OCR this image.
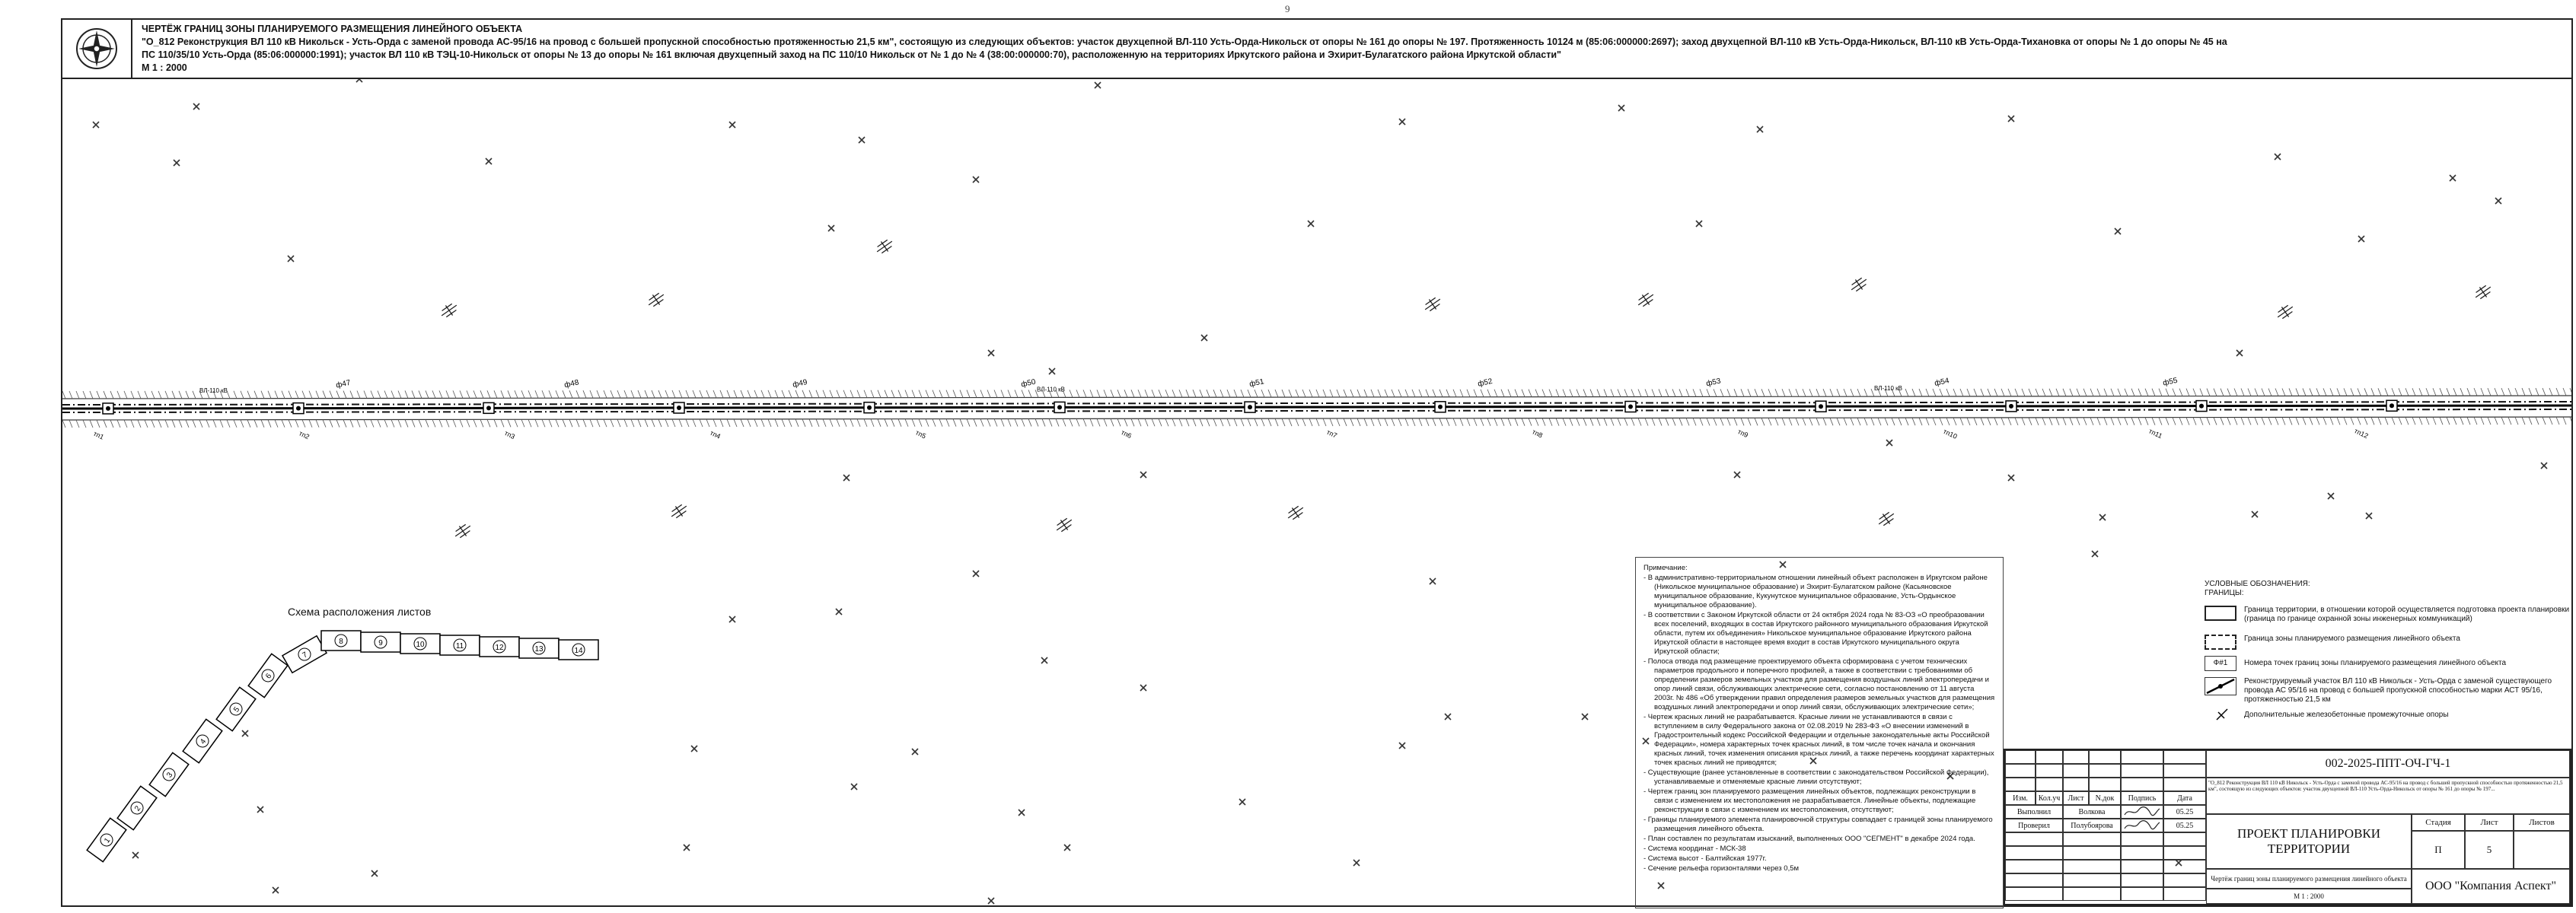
9
ЧЕРТЁЖ ГРАНИЦ ЗОНЫ ПЛАНИРУЕМОГО РАЗМЕЩЕНИЯ ЛИНЕЙНОГО ОБЪЕКТА
"О_812 Реконструкция ВЛ 110 кВ Никольск - Усть-Орда с заменой провода АС-95/16 на провод с большей пропускной способностью протяженностью 21,5 км", состоящую из следующих объектов: участок двухцепной ВЛ-110 Усть-Орда-Никольск от опоры № 161 до опоры № 197. Протяженность 10124 м (85:06:000000:2697); заход двухцепной ВЛ-110 кВ Усть-Орда-Никольск, ВЛ-110 кВ Усть-Орда-Тихановка от опоры № 1 до опоры № 45 на
ПС 110/35/10 Усть-Орда (85:06:000000:1991); участок ВЛ 110 кВ ТЭЦ-10-Никольск от опоры № 13 до опоры № 161 включая двухцепный заход на ПС 110/10 Никольск от № 1 до № 4 (38:00:000000:70), расположенную на территориях Иркутского района и Эхирит-Булагатского района Иркутской области"
М 1 : 2000
ф47	ф48	ф49	ф50	ф51	ф52	ф53	ф54	ф55
тп1	тп2	тп3	тп4	тп5	тп6	тп7	тп8	тп9	тп10	тп11	тп12
ВЛ-110 кВ	ВЛ-110 кВ	ВЛ-110 кВ
1
2
3
4
5
6
7
8	9	10	11	12	13	14
Схема расположения листов

Примечание:

- В административно-территориальном отношении линейный объект расположен в Иркутском районе (Никольское муниципальное образование) и Эхирит-Булагатском районе (Касьяновское муниципальное образование, Кукунутское муниципальное образование, Усть-Ордынское муниципальное образование).

- В соответствии с Законом Иркутской области от 24 октября 2024 года № 83-ОЗ «О преобразовании всех поселений, входящих в состав Иркутского районного муниципального образования Иркутской области, путем их объединения» Никольское муниципальное образование Иркутского района Иркутской области в настоящее время входит в состав Иркутского муниципального округа Иркутской области;

- Полоса отвода под размещение проектируемого объекта сформирована с учетом технических параметров продольного и поперечного профилей, а также в соответствии с требованиями об определении размеров земельных участков для размещения воздушных линий электропередачи и опор линий связи, обслуживающих электрические сети, согласно постановлению от 11 августа 2003г. № 486 «Об утверждении правил определения размеров земельных участков для размещения воздушных линий электропередачи и опор линий связи, обслуживающих электрические сети»;

- Чертеж красных линий не разрабатывается. Красные линии не устанавливаются в связи с вступлением в силу Федерального закона от 02.08.2019 № 283-ФЗ «О внесении изменений в Градостроительный кодекс Российской Федерации и отдельные законодательные акты Российской Федерации», номера характерных точек красных линий, в том числе точек начала и окончания красных линий, точек изменения описания красных линий, а также перечень координат характерных точек красных линий не приводятся;

- Существующие (ранее установленные в соответствии с законодательством Российской Федерации), устанавливаемые и отменяемые красные линии отсутствуют;

- Чертеж границ зон планируемого размещения линейных объектов, подлежащих реконструкции в связи с изменением их местоположения не разрабатывается. Линейные объекты, подлежащие реконструкции в связи с изменением их местоположения, отсутствуют;

- Границы планируемого элемента планировочной структуры совпадает с границей зоны планируемого размещения линейного объекта.

- План составлен по результатам изысканий, выполненных ООО "СЕГМЕНТ" в декабре 2024 года.

- Система координат - МСК-38

- Система высот - Балтийская 1977г.

- Сечение рельефа горизонталями через 0,5м

УСЛОВНЫЕ ОБОЗНАЧЕНИЯ:
ГРАНИЦЫ:
Граница территории, в отношении которой осуществляется подготовка проекта планировки (граница по границе охранной зоны инженерных коммуникаций)
Граница зоны планируемого размещения линейного объекта
Ф#1	Номера точек границ зоны планируемого размещения линейного объекта
Реконструируемый участок ВЛ 110 кВ Никольск - Усть-Орда с заменой существующего провода АС 95/16 на провод с большей пропускной способностью марки АСТ 95/16, протяженностью 21,5 км
Дополнительные железобетонные промежуточные опоры
Изм.	Кол.уч	Лист	N.док	Подпись	Дата
Выполнил	Волкова	05.25
Проверил	Полубоярова	05.25
002-2025-ППТ-ОЧ-ГЧ-1
"О_812 Реконструкция ВЛ 110 кВ Никольск - Усть-Орда с заменой провода АС-95/16 на провод с большей пропускной способностью протяженностью 21,5 км", состоящую из следующих объектов: участок двухцепной ВЛ-110 Усть-Орда-Никольск от опоры № 161 до опоры № 197...
ПРОЕКТ ПЛАНИРОВКИ ТЕРРИТОРИИ
Стадия	Лист	Листов
П	5
Чертёж границ зоны планируемого размещения линейного объекта
М 1 : 2000
ООО "Компания Аспект"
